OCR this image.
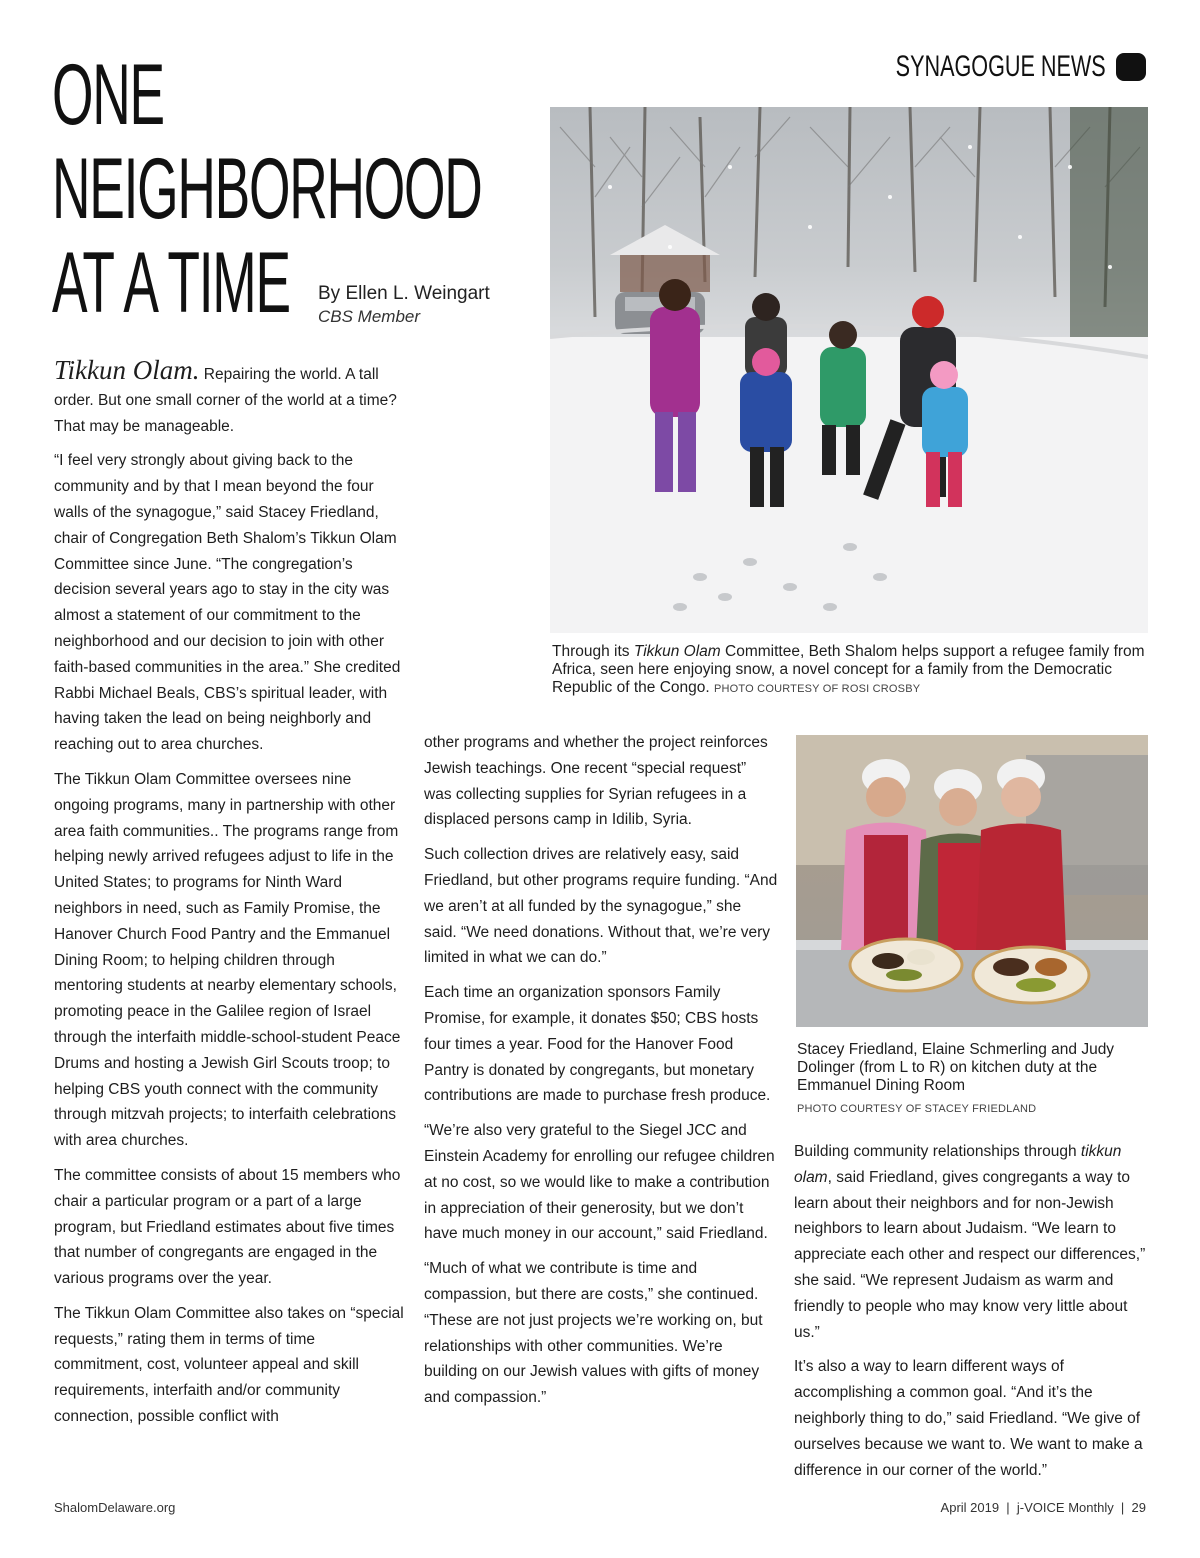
ONE
NEIGHBORHOOD
AT A TIME	By Ellen L. Weingart
CBS Member
SYNAGOGUE NEWS
Through its Tikkun Olam Committee, Beth Shalom helps support a refugee family from Africa, seen here enjoying snow, a novel concept for a family from the Democratic Republic of the Congo. PHOTO COURTESY OF ROSI CROSBY
Stacey Friedland, Elaine Schmerling and Judy Dolinger (from L to R) on kitchen duty at the Emmanuel Dining Room
PHOTO COURTESY OF STACEY FRIEDLAND

Tikkun Olam. Repairing the world. A tall order. But one small corner of the world at a time? That may be manageable.

“I feel very strongly about giving back to the community and by that I mean beyond the four walls of the synagogue,” said Stacey Friedland, chair of Congregation Beth Shalom’s Tikkun Olam Committee since June. “The congregation’s decision several years ago to stay in the city was almost a statement of our commitment to the neighborhood and our decision to join with other faith-based communities in the area.” She credited Rabbi Michael Beals, CBS’s spiritual leader, with having taken the lead on being neighborly and reaching out to area churches.

The Tikkun Olam Committee oversees nine ongoing programs, many in partnership with other area faith communities.. The programs range from helping newly arrived refugees adjust to life in the United States; to programs for Ninth Ward neighbors in need, such as Family Promise, the Hanover Church Food Pantry and the Emmanuel Dining Room; to helping children through mentoring students at nearby elementary schools, promoting peace in the Galilee region of Israel through the interfaith middle-school-student Peace Drums and hosting a Jewish Girl Scouts troop; to helping CBS youth connect with the community through mitzvah projects; to interfaith celebrations with area churches.

The committee consists of about 15 members who chair a particular program or a part of a large program, but Friedland estimates about five times that number of congregants are engaged in the various programs over the year.

The Tikkun Olam Committee also takes on “special requests,” rating them in terms of time commitment, cost, volunteer appeal and skill requirements, interfaith and/or community connection, possible conflict with

other programs and whether the project reinforces Jewish teachings. One recent “special request” was collecting supplies for Syrian refugees in a displaced persons camp in Idilib, Syria.

Such collection drives are relatively easy, said Friedland, but other programs require funding. “And we aren’t at all funded by the synagogue,” she said. “We need donations. Without that, we’re very limited in what we can do.”

Each time an organization sponsors Family Promise, for example, it donates $50; CBS hosts four times a year. Food for the Hanover Food Pantry is donated by congregants, but monetary contributions are made to purchase fresh produce.

“We’re also very grateful to the Siegel JCC and Einstein Academy for enrolling our refugee children at no cost, so we would like to make a contribution in appreciation of their generosity, but we don’t have much money in our account,” said Friedland.

“Much of what we contribute is time and compassion, but there are costs,” she continued. “These are not just projects we’re working on, but relationships with other communities. We’re building on our Jewish values with gifts of money and compassion.”

Building community relationships through tikkun olam, said Friedland, gives congregants a way to learn about their neighbors and for non-Jewish neighbors to learn about Judaism. “We learn to appreciate each other and respect our differences,” she said. “We represent Judaism as warm and friendly to people who may know very little about us.”

It’s also a way to learn different ways of accomplishing a common goal. “And it’s the neighborly thing to do,” said Friedland. “We give of ourselves because we want to. We want to make a difference in our corner of the world.”

ShalomDelaware.org	April 2019  |  j-VOICE Monthly  |  29
